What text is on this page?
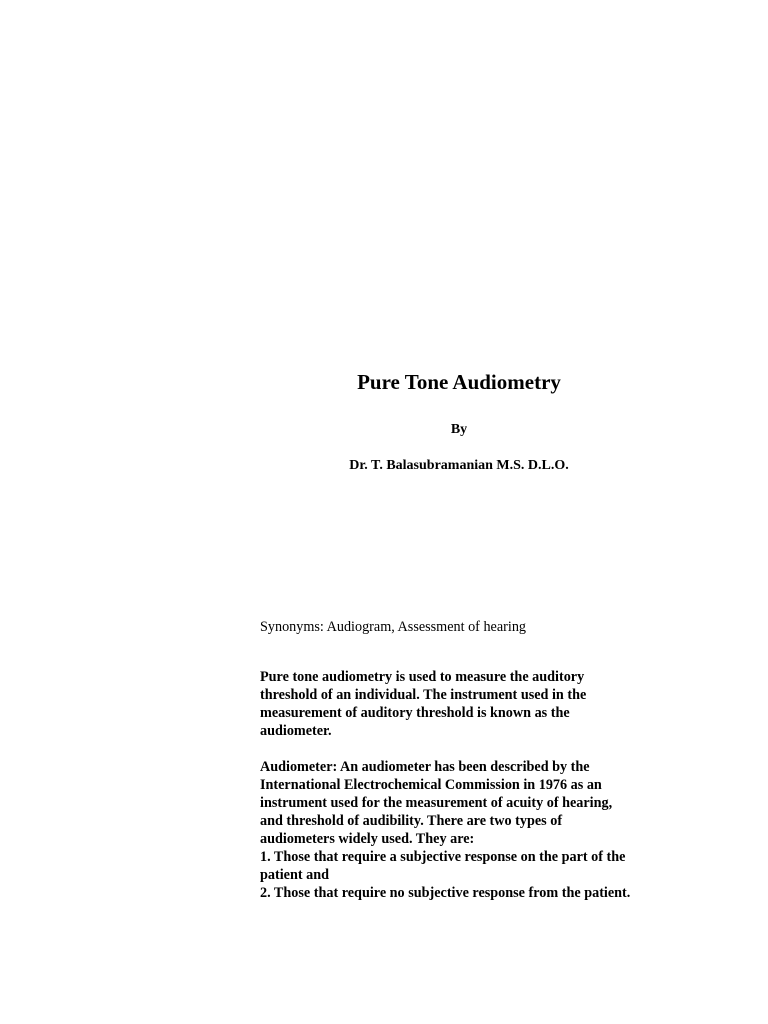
Pure Tone Audiometry
By
Dr. T. Balasubramanian M.S. D.L.O.
Synonyms: Audiogram, Assessment of hearing
Pure tone audiometry is used to measure the auditory
threshold of an individual. The instrument used in the
measurement of auditory threshold is known as the
audiometer.
Audiometer: An audiometer has been described by the
International Electrochemical Commission in 1976 as an
instrument used for the measurement of acuity of hearing,
and threshold of audibility. There are two types of
audiometers widely used. They are:
1. Those that require a subjective response on the part of the
patient and
2. Those that require no subjective response from the patient.
